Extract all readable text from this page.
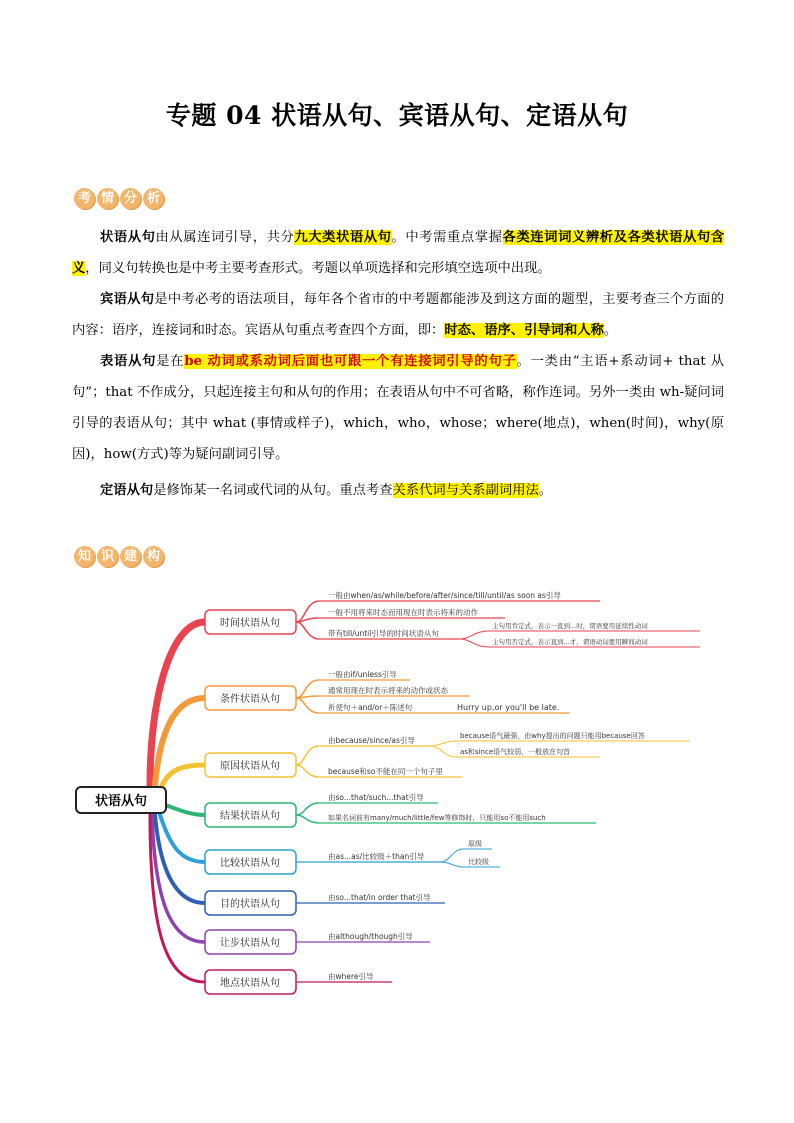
专题 04 状语从句、宾语从句、定语从句
考 情 分 析

状语从句由从属连词引导，共分九大类状语从句。中考需重点掌握各类连词词义辨析及各类状语从句含义，同义句转换也是中考主要考查形式。考题以单项选择和完形填空选项中出现。

宾语从句是中考必考的语法项目，每年各个省市的中考题都能涉及到这方面的题型，主要考查三个方面的内容：语序，连接词和时态。宾语从句重点考查四个方面，即：时态、语序、引导词和人称。

表语从句是在be 动词或系动词后面也可跟一个有连接词引导的句子。一类由“主语+系动词+ that 从句”；that 不作成分，只起连接主句和从句的作用；在表语从句中不可省略，称作连词。另外一类由 wh-疑问词引导的表语从句；其中 what (事情或样子)，which，who，whose；where(地点)，when(时间)，why(原因)，how(方式)等为疑问副词引导。

定语从句是修饰某一名词或代词的从句。重点考查关系代词与关系副词用法。

知 识 建 构
状语从句
时间状语从句
条件状语从句
原因状语从句
结果状语从句
比较状语从句
目的状语从句
让步状语从句
地点状语从句
一般由when/as/while/before/after/since/till/until/as soon as引导
一般不用将来时态而用现在时表示将来的动作
带有till/until引导的时间状语从句
主句用肯定式，表示一直到...时，谓语要用延续性动词
主句用否定式，表示直到...才，谓语动词要用瞬间动词
一般由if/unless引导
通常用现在时表示将来的动作或状态
祈使句＋and/or＋陈述句	Hurry up,or you'll be late.
由because/since/as引导
because和so不能在同一个句子里
because语气最强，由why提出的问题只能用because回答
as和since语气较弱，一般放在句首
由so...that/such...that引导
如果名词前有many/much/little/few等修饰时，只能用so不能用such
由as...as/比较级＋than引导
原级
比较级
由so...that/in order that引导
由although/though引导
由where引导
